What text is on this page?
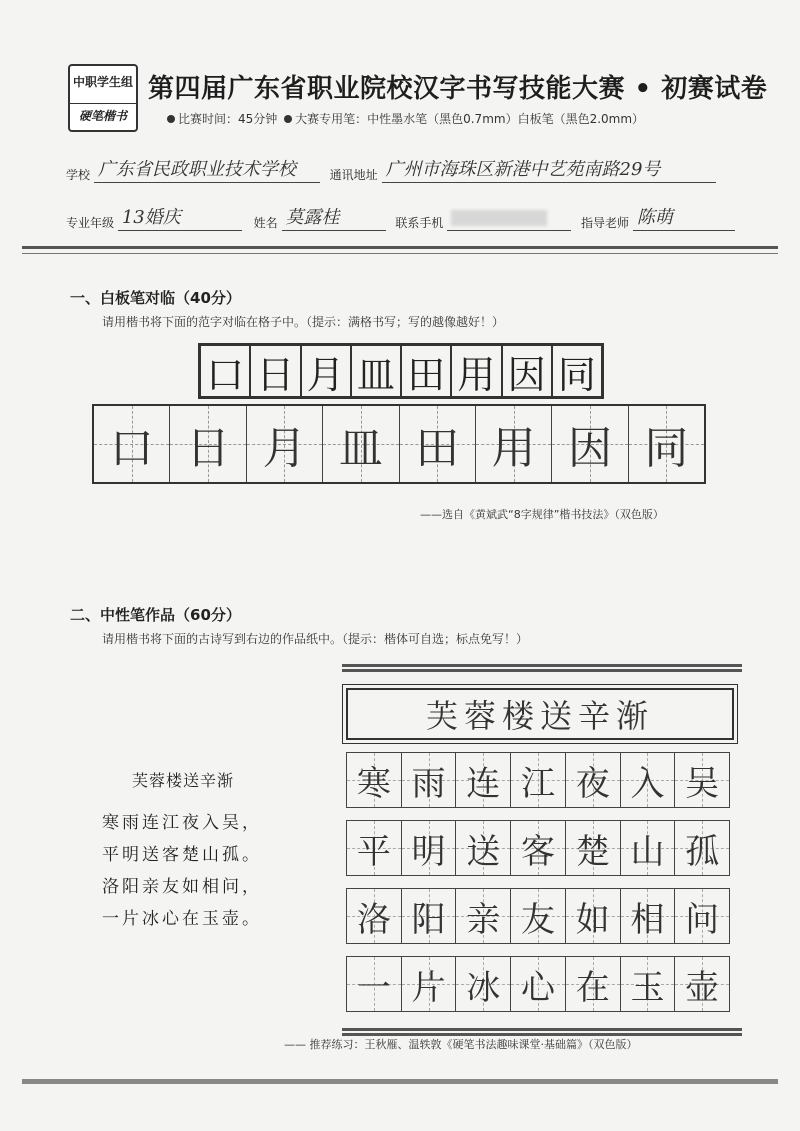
中职学生组
硬笔楷书
第四届广东省职业院校汉字书写技能大赛 • 初赛试卷
比赛时间：45分钟 大赛专用笔：中性墨水笔（黑色0.7mm）白板笔（黑色2.0mm）
学校 广东省民政职业技术学校	通讯地址 广州市海珠区新港中艺苑南路29号
专业年级 13婚庆	姓名 莫露桂	联系手机	指导老师 陈萌
一、白板笔对临（40分）
请用楷书将下面的范字对临在格子中。（提示：满格书写；写的越像越好！）
口 日 月 皿 田 用 因 同
口 日 月 皿 田 用 因 同
——选自《黄斌武“8字规律”楷书技法》（双色版）
二、中性笔作品（60分）
请用楷书将下面的古诗写到右边的作品纸中。（提示：楷体可自选；标点免写！）
芙蓉楼送辛渐
寒雨连江夜入吴，
平明送客楚山孤。
洛阳亲友如相问，
一片冰心在玉壶。
芙蓉楼送辛渐
寒 雨 连 江 夜 入 吴
平 明 送 客 楚 山 孤
洛 阳 亲 友 如 相 问
一 片 冰 心 在 玉 壶
—— 推荐练习：王秋雁、温轶敦《硬笔书法趣味课堂·基础篇》（双色版）
